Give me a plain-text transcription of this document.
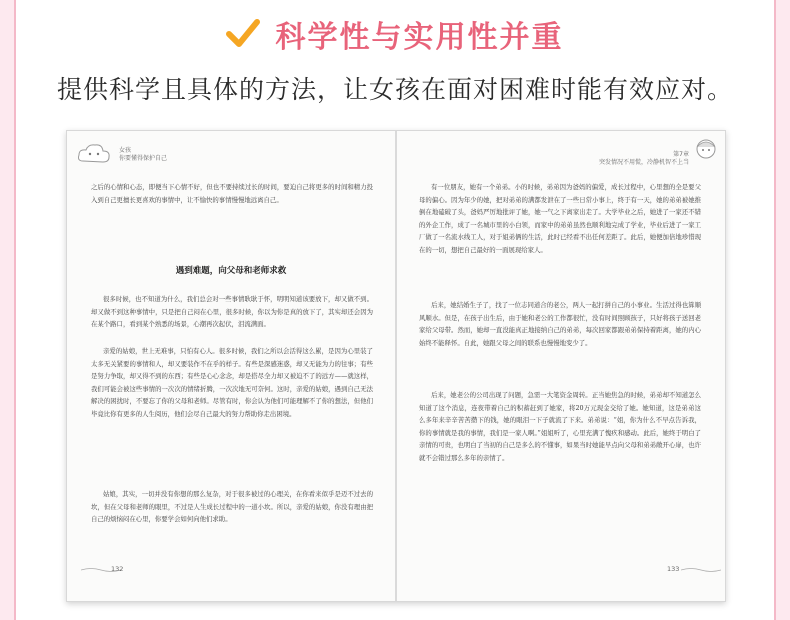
科学性与实用性并重
提供科学且具体的方法，让女孩在面对困难时能有效应对。
女孩
你要懂得保护自己
之后的心情和心态，即便当下心情不好，但也不要持续过长的时间，要迫自己将更多的时间和精力投入到自己更擅长更喜欢的事情中，让不愉快的事情慢慢地远离自己。
遇到难题，向父母和老师求救
很多时候，也不知道为什么，我们总会对一些事情耿耿于怀，明明知道该要放下，却又做不到。却又做不到这种事情中，只是把自己闷在心里，很多时候，你以为你是真的放下了，其实却还会因为在某个路口，看到某个熟悉的场景，心潮再次起伏，泪流满面。
亲爱的姑娘，世上无难事，只怕有心人。很多时候，我们之所以会活得这么累，是因为心里装了太多无关紧要的事情和人，却又要装作不在乎的样子。有些是深感迷惑，却又无能为力的往事；有些是努力争取，却又得不到的东西；有些是心心念念，却是搭尽全力却又被迫不了的远方——就这样，我们可能会被这些事情的一次次的情绪折腾，一次次地无可奈何。这时，亲爱的姑娘，遇到自己无法解决的困扰时，不要忘了你的父母和老师。尽管有时，你会认为他们可能理解不了你的想法，但他们毕竟比你有更多的人生阅历，他们会尽自己最大的努力帮助你走出困境。
姑娘，其实，一切并没有你想的那么复杂，对于很多被过的心理关，在你看来似乎是迈不过去的坎，但在父母和老师的眼里，不过是人生成长过程中的一道小坎。所以，亲爱的姑娘，你没有理由把自己的烦恼闷在心里，你要学会如何向他们求助。
132
第7章
突发情况不用慌，冷静机智不上当
有一位朋友，她有一个弟弟。小的时候，弟弟因为爸妈的偏爱，成长过程中，心里想的全是要父母的偏心。因为年少的她，把对弟弟的满都发泄在了一些日常小事上，终于有一天，她的弟弟被她推倒在地磕破了头，爸妈严厉地批评了她，她一气之下离家出走了。大学毕业之后，她进了一家还不错的外企工作，成了一名城市里的小白领，而家中的弟弟虽然也顺利地完成了学业，毕业后进了一家工厂做了一名流水线工人，对于姐弟俩的生活，此时已经看不出任何差距了。此后，她便加倍地珍惜现在的一切，想把自己最好的一面展现给家人。
后来，她结婚生子了，找了一位志同道合的老公，两人一起打拼自己的小事业。生活过得也算顺风顺水。但是，在孩子出生后，由于她和老公的工作都很忙，没有时间照顾孩子，只好将孩子送回老家给父母带。然而，她却一直没能真正地接纳自己的弟弟，每次回家都跟弟弟保持着距离，她的内心始终不能释怀。自此，她跟父母之间的联系也慢慢地变少了。
后来，她老公的公司出现了问题，急需一大笔资金周转。正当她焦急的时候，弟弟却不知道怎么知道了这个消息，连夜带着自己的积蓄赶到了她家，将20万元现金交给了她。她知道，这是弟弟这么多年来辛辛苦苦攒下的钱，她的眼泪一下子就流了下来。弟弟说：“姐，你为什么不早点告诉我，你的事情就是我的事情，我们是一家人啊。”姐姐听了，心里充满了愧疚和感动。此后，她终于明白了亲情的可贵，也明白了当初的自己是多么的不懂事，如果当时她能早点向父母和弟弟敞开心扉，也许就不会错过那么多年的亲情了。
133
